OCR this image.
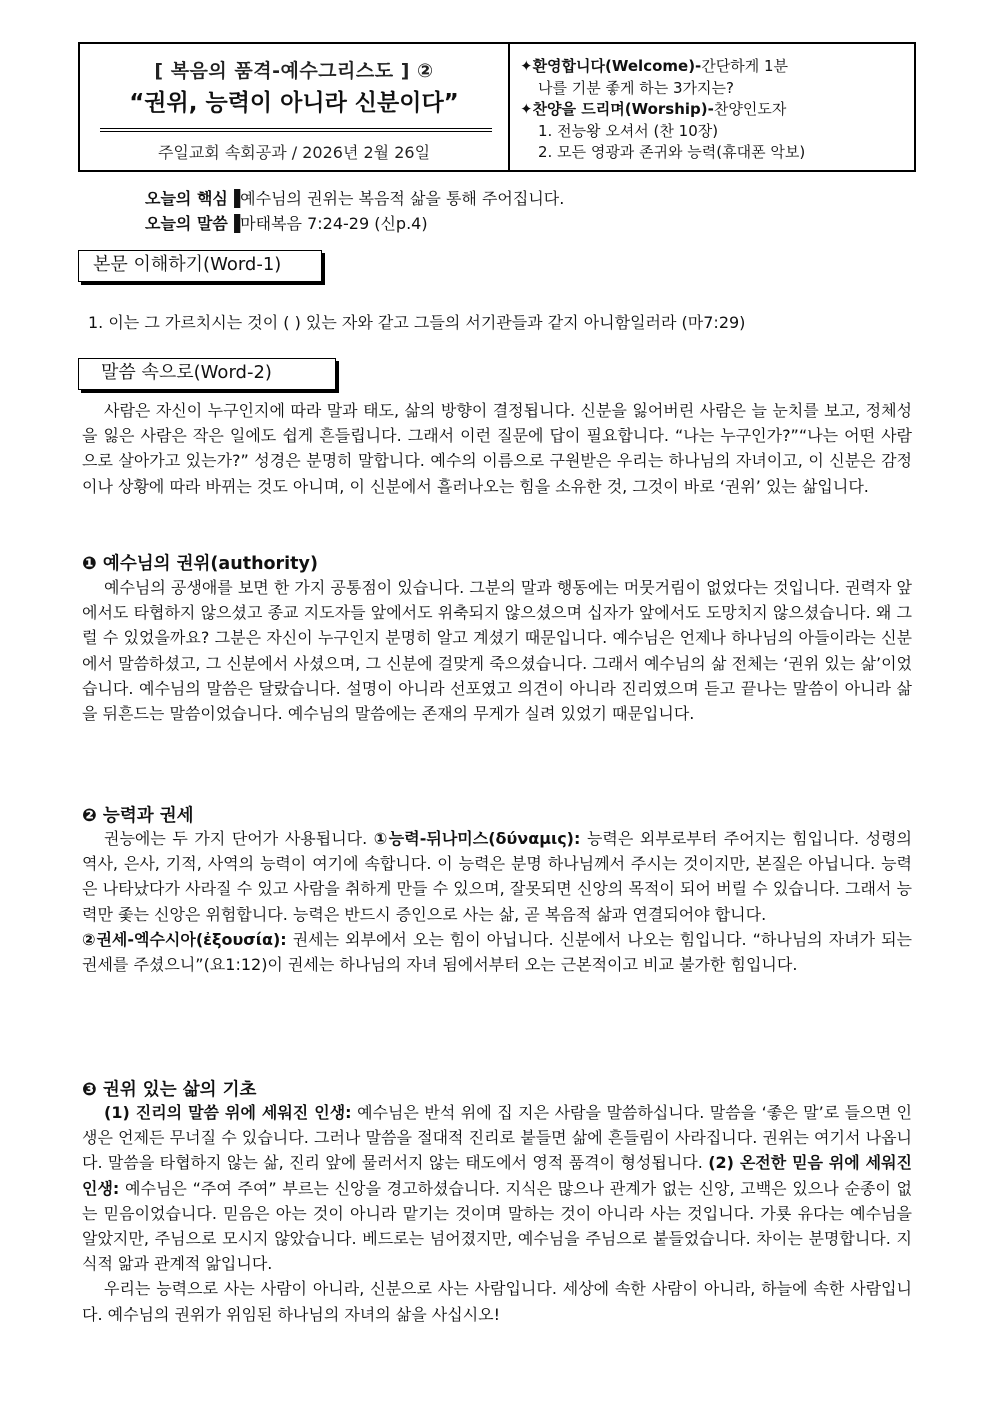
[ 복음의 품격-예수그리스도 ] ②
“권위, 능력이 아니라 신분이다”
주일교회 속회공과 / 2026년 2월 26일
✦환영합니다(Welcome)-간단하게 1분
나를 기분 좋게 하는 3가지는?
✦찬양을 드리며(Worship)-찬양인도자
1. 전능왕 오셔서 (찬 10장)
2. 모든 영광과 존귀와 능력(휴대폰 악보)
오늘의 핵심▐예수님의 권위는 복음적 삶을 통해 주어집니다.
오늘의 말씀▐마태복음 7:24-29 (신p.4)
본문 이해하기(Word-1)
1. 이는 그 가르치시는 것이 ( ) 있는 자와 같고 그들의 서기관들과 같지 아니함일러라 (마7:29)
말씀 속으로(Word-2)
사람은 자신이 누구인지에 따라 말과 태도, 삶의 방향이 결정됩니다. 신분을 잃어버린 사람은 늘 눈치를 보고, 정체성을 잃은 사람은 작은 일에도 쉽게 흔들립니다. 그래서 이런 질문에 답이 필요합니다. “나는 누구인가?”“나는 어떤 사람으로 살아가고 있는가?” 성경은 분명히 말합니다. 예수의 이름으로 구원받은 우리는 하나님의 자녀이고, 이 신분은 감정이나 상황에 따라 바뀌는 것도 아니며, 이 신분에서 흘러나오는 힘을 소유한 것, 그것이 바로 ‘권위’ 있는 삶입니다.
❶ 예수님의 권위(authority)
예수님의 공생애를 보면 한 가지 공통점이 있습니다. 그분의 말과 행동에는 머뭇거림이 없었다는 것입니다. 권력자 앞에서도 타협하지 않으셨고 종교 지도자들 앞에서도 위축되지 않으셨으며 십자가 앞에서도 도망치지 않으셨습니다. 왜 그럴 수 있었을까요? 그분은 자신이 누구인지 분명히 알고 계셨기 때문입니다. 예수님은 언제나 하나님의 아들이라는 신분에서 말씀하셨고, 그 신분에서 사셨으며, 그 신분에 걸맞게 죽으셨습니다. 그래서 예수님의 삶 전체는 ‘권위 있는 삶’이었습니다. 예수님의 말씀은 달랐습니다. 설명이 아니라 선포였고 의견이 아니라 진리였으며 듣고 끝나는 말씀이 아니라 삶을 뒤흔드는 말씀이었습니다. 예수님의 말씀에는 존재의 무게가 실려 있었기 때문입니다.
❷ 능력과 권세
권능에는 두 가지 단어가 사용됩니다. ①능력-뒤나미스(δύναμις): 능력은 외부로부터 주어지는 힘입니다. 성령의 역사, 은사, 기적, 사역의 능력이 여기에 속합니다. 이 능력은 분명 하나님께서 주시는 것이지만, 본질은 아닙니다. 능력은 나타났다가 사라질 수 있고 사람을 취하게 만들 수 있으며, 잘못되면 신앙의 목적이 되어 버릴 수 있습니다. 그래서 능력만 좇는 신앙은 위험합니다. 능력은 반드시 증인으로 사는 삶, 곧 복음적 삶과 연결되어야 합니다.
②권세-엑수시아(ἐξουσία): 권세는 외부에서 오는 힘이 아닙니다. 신분에서 나오는 힘입니다. “하나님의 자녀가 되는 권세를 주셨으니”(요1:12)이 권세는 하나님의 자녀 됨에서부터 오는 근본적이고 비교 불가한 힘입니다.
❸ 권위 있는 삶의 기초
(1) 진리의 말씀 위에 세워진 인생: 예수님은 반석 위에 집 지은 사람을 말씀하십니다. 말씀을 ‘좋은 말’로 들으면 인생은 언제든 무너질 수 있습니다. 그러나 말씀을 절대적 진리로 붙들면 삶에 흔들림이 사라집니다. 권위는 여기서 나옵니다. 말씀을 타협하지 않는 삶, 진리 앞에 물러서지 않는 태도에서 영적 품격이 형성됩니다. (2) 온전한 믿음 위에 세워진 인생: 예수님은 “주여 주여” 부르는 신앙을 경고하셨습니다. 지식은 많으나 관계가 없는 신앙, 고백은 있으나 순종이 없는 믿음이었습니다. 믿음은 아는 것이 아니라 맡기는 것이며 말하는 것이 아니라 사는 것입니다. 가룟 유다는 예수님을 알았지만, 주님으로 모시지 않았습니다. 베드로는 넘어졌지만, 예수님을 주님으로 붙들었습니다. 차이는 분명합니다. 지식적 앎과 관계적 앎입니다.
우리는 능력으로 사는 사람이 아니라, 신분으로 사는 사람입니다. 세상에 속한 사람이 아니라, 하늘에 속한 사람입니다. 예수님의 권위가 위임된 하나님의 자녀의 삶을 사십시오!
